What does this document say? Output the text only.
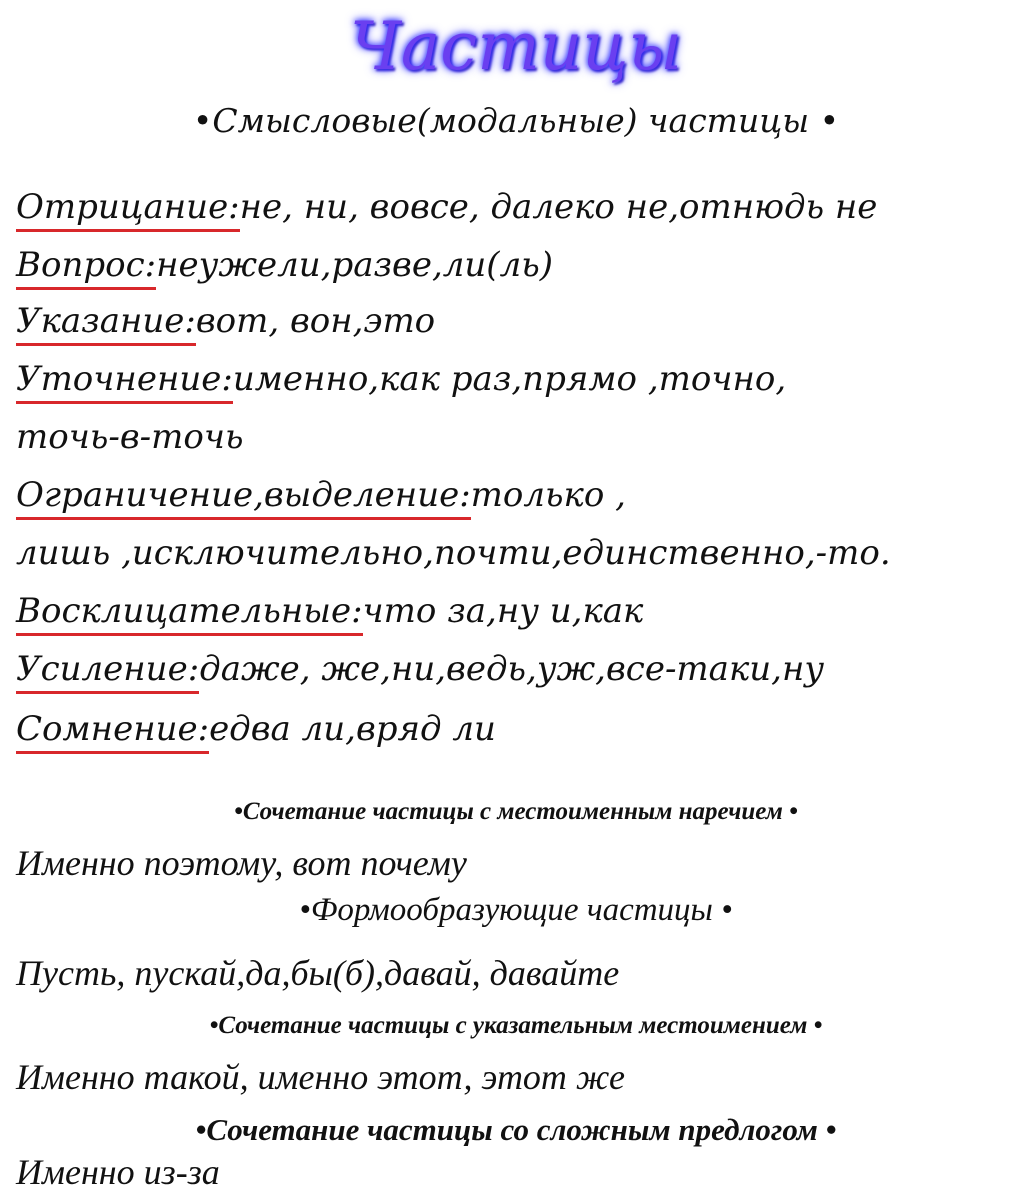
Частицы
•Смысловые(модальные) частицы •
Отрицание:не, ни, вовсе, далеко не,отнюдь не
Вопрос:неужели,разве,ли(ль)
Указание:вот, вон,это
Уточнение:именно,как раз,прямо ,точно,
точь-в-точь
Ограничение,выделение:только ,
лишь ,исключительно,почти,единственно,-то.
Восклицательные:что за,ну и,как
Усиление:даже, же,ни,ведь,уж,все-таки,ну
Сомнение:едва ли,вряд ли
•Сочетание частицы с местоименным наречием •
Именно поэтому, вот почему
•Формообразующие частицы •
Пусть, пускай,да,бы(б),давай, давайте
•Сочетание частицы с указательным местоимением •
Именно такой, именно этот, этот же
•Сочетание частицы со сложным предлогом •
Именно из-за
